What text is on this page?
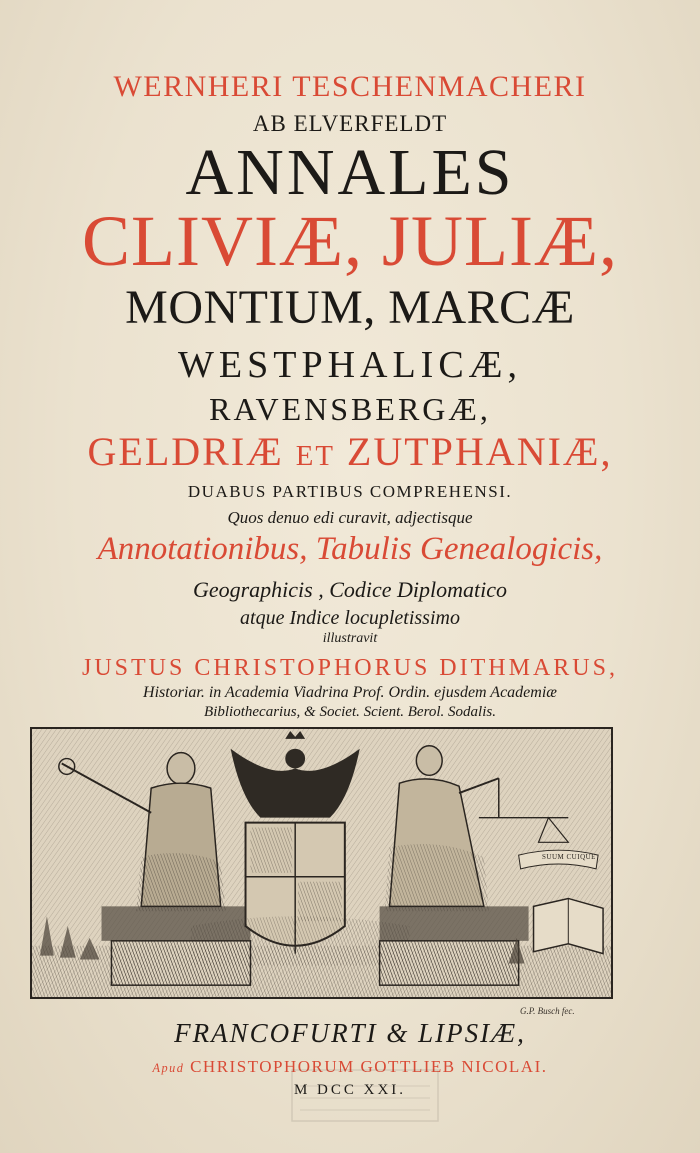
WERNHERI TESCHENMACHERI
AB ELVERFELDT
ANNALES
CLIVIÆ, JULIÆ,
MONTIUM, MARCÆ
WESTPHALICÆ,
RAVENSBERGÆ,
GELDRIÆ ET ZUTPHANIÆ,
DUABUS PARTIBUS COMPREHENSI.
Quos denuo edi curavit, adjectisque
Annotationibus, Tabulis Genealogicis,
Geographicis , Codice Diplomatico
atque Indice locupletissimo
illustravit
JUSTUS CHRISTOPHORUS DITHMARUS,
Historiar. in Academia Viadrina Prof. Ordin. ejusdem Academiæ
Bibliothecarius, & Societ. Scient. Berol. Sodalis.
SUUM CUIQUE
G.P. Busch fec.
FRANCOFURTI & LIPSIÆ,
Apud CHRISTOPHORUM GOTTLIEB NICOLAI.
M DCC XXI.
